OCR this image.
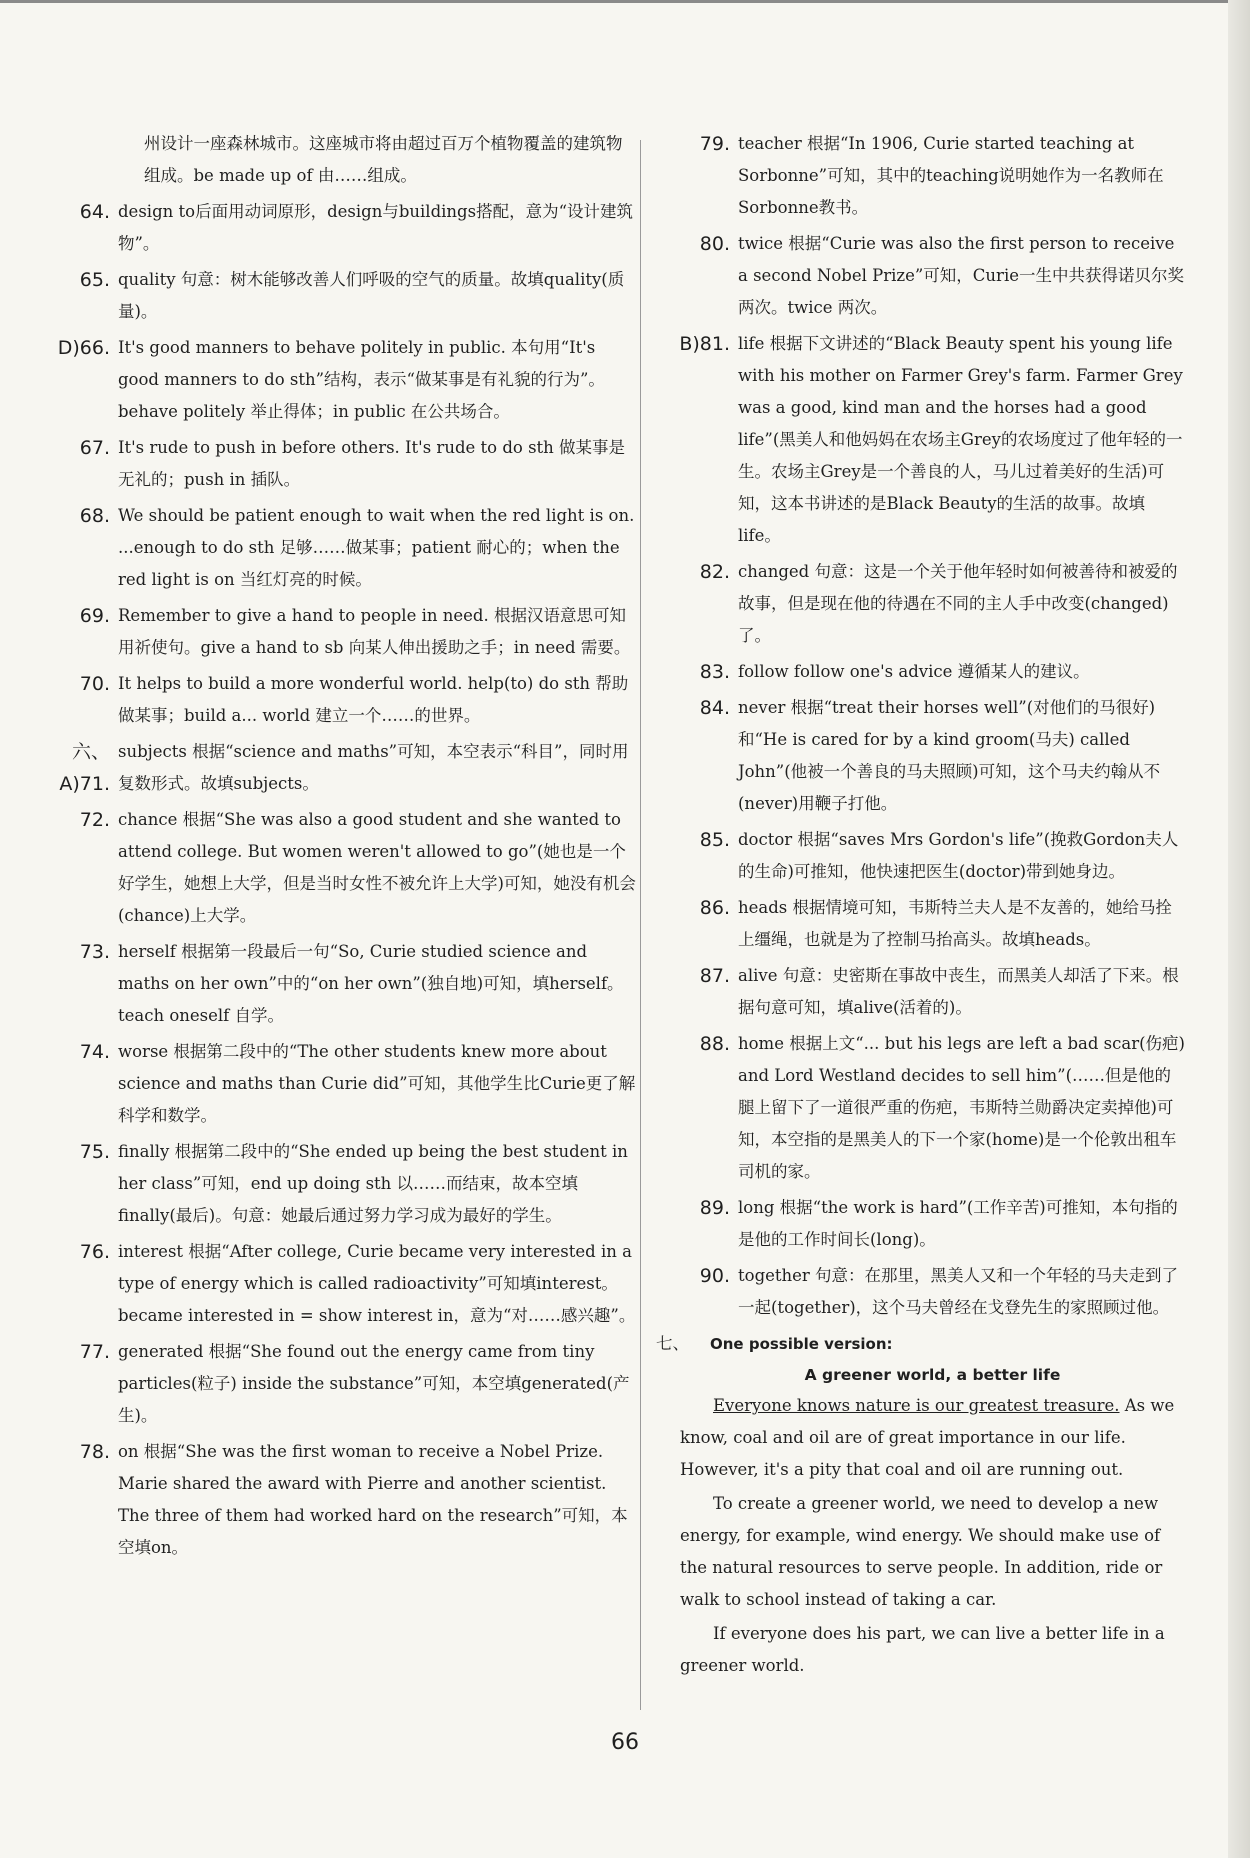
州设计一座森林城市。这座城市将由超过百万个植物覆盖的建筑物组成。be made up of 由……组成。
64. design to后面用动词原形，design与buildings搭配，意为“设计建筑物”。
65. quality 句意：树木能够改善人们呼吸的空气的质量。故填quality(质量)。
D)66. It's good manners to behave politely in public. 本句用“It's good manners to do sth”结构，表示“做某事是有礼貌的行为”。behave politely 举止得体；in public 在公共场合。
67. It's rude to push in before others. It's rude to do sth 做某事是无礼的；push in 插队。
68. We should be patient enough to wait when the red light is on. ...enough to do sth 足够……做某事；patient 耐心的；when the red light is on 当红灯亮的时候。
69. Remember to give a hand to people in need. 根据汉语意思可知用祈使句。give a hand to sb 向某人伸出援助之手；in need 需要。
70. It helps to build a more wonderful world. help(to) do sth 帮助做某事；build a... world 建立一个……的世界。
六、A)71.
subjects 根据“science and maths”可知，本空表示“科目”，同时用复数形式。故填subjects。
72. chance 根据“She was also a good student and she wanted to attend college. But women weren't allowed to go”(她也是一个好学生，她想上大学，但是当时女性不被允许上大学)可知，她没有机会(chance)上大学。
73. herself 根据第一段最后一句“So, Curie studied science and maths on her own”中的“on her own”(独自地)可知，填herself。teach oneself 自学。
74. worse 根据第二段中的“The other students knew more about science and maths than Curie did”可知，其他学生比Curie更了解科学和数学。
75. finally 根据第二段中的“She ended up being the best student in her class”可知，end up doing sth 以……而结束，故本空填finally(最后)。句意：她最后通过努力学习成为最好的学生。
76. interest 根据“After college, Curie became very interested in a type of energy which is called radioactivity”可知填interest。became interested in = show interest in，意为“对……感兴趣”。
77. generated 根据“She found out the energy came from tiny particles(粒子) inside the substance”可知，本空填generated(产生)。
78. on 根据“She was the first woman to receive a Nobel Prize. Marie shared the award with Pierre and another scientist. The three of them had worked hard on the research”可知，本空填on。
79. teacher 根据“In 1906, Curie started teaching at Sorbonne”可知，其中的teaching说明她作为一名教师在Sorbonne教书。
80. twice 根据“Curie was also the first person to receive a second Nobel Prize”可知，Curie一生中共获得诺贝尔奖两次。twice 两次。
B)81. life 根据下文讲述的“Black Beauty spent his young life with his mother on Farmer Grey's farm. Farmer Grey was a good, kind man and the horses had a good life”(黑美人和他妈妈在农场主Grey的农场度过了他年轻的一生。农场主Grey是一个善良的人，马儿过着美好的生活)可知，这本书讲述的是Black Beauty的生活的故事。故填life。
82. changed 句意：这是一个关于他年轻时如何被善待和被爱的故事，但是现在他的待遇在不同的主人手中改变(changed)了。
83. follow follow one's advice 遵循某人的建议。
84. never 根据“treat their horses well”(对他们的马很好)和“He is cared for by a kind groom(马夫) called John”(他被一个善良的马夫照顾)可知，这个马夫约翰从不(never)用鞭子打他。
85. doctor 根据“saves Mrs Gordon's life”(挽救Gordon夫人的生命)可推知，他快速把医生(doctor)带到她身边。
86. heads 根据情境可知，韦斯特兰夫人是不友善的，她给马拴上缰绳，也就是为了控制马抬高头。故填heads。
87. alive 句意：史密斯在事故中丧生，而黑美人却活了下来。根据句意可知，填alive(活着的)。
88. home 根据上文“... but his legs are left a bad scar(伤疤) and Lord Westland decides to sell him”(……但是他的腿上留下了一道很严重的伤疤，韦斯特兰勋爵决定卖掉他)可知，本空指的是黑美人的下一个家(home)是一个伦敦出租车司机的家。
89. long 根据“the work is hard”(工作辛苦)可推知，本句指的是他的工作时间长(long)。
90. together 句意：在那里，黑美人又和一个年轻的马夫走到了一起(together)，这个马夫曾经在戈登先生的家照顾过他。
七、 One possible version:
A greener world, a better life

Everyone knows nature is our greatest treasure. As we know, coal and oil are of great importance in our life. However, it's a pity that coal and oil are running out.

To create a greener world, we need to develop a new energy, for example, wind energy. We should make use of the natural resources to serve people. In addition, ride or walk to school instead of taking a car.

If everyone does his part, we can live a better life in a greener world.

66
